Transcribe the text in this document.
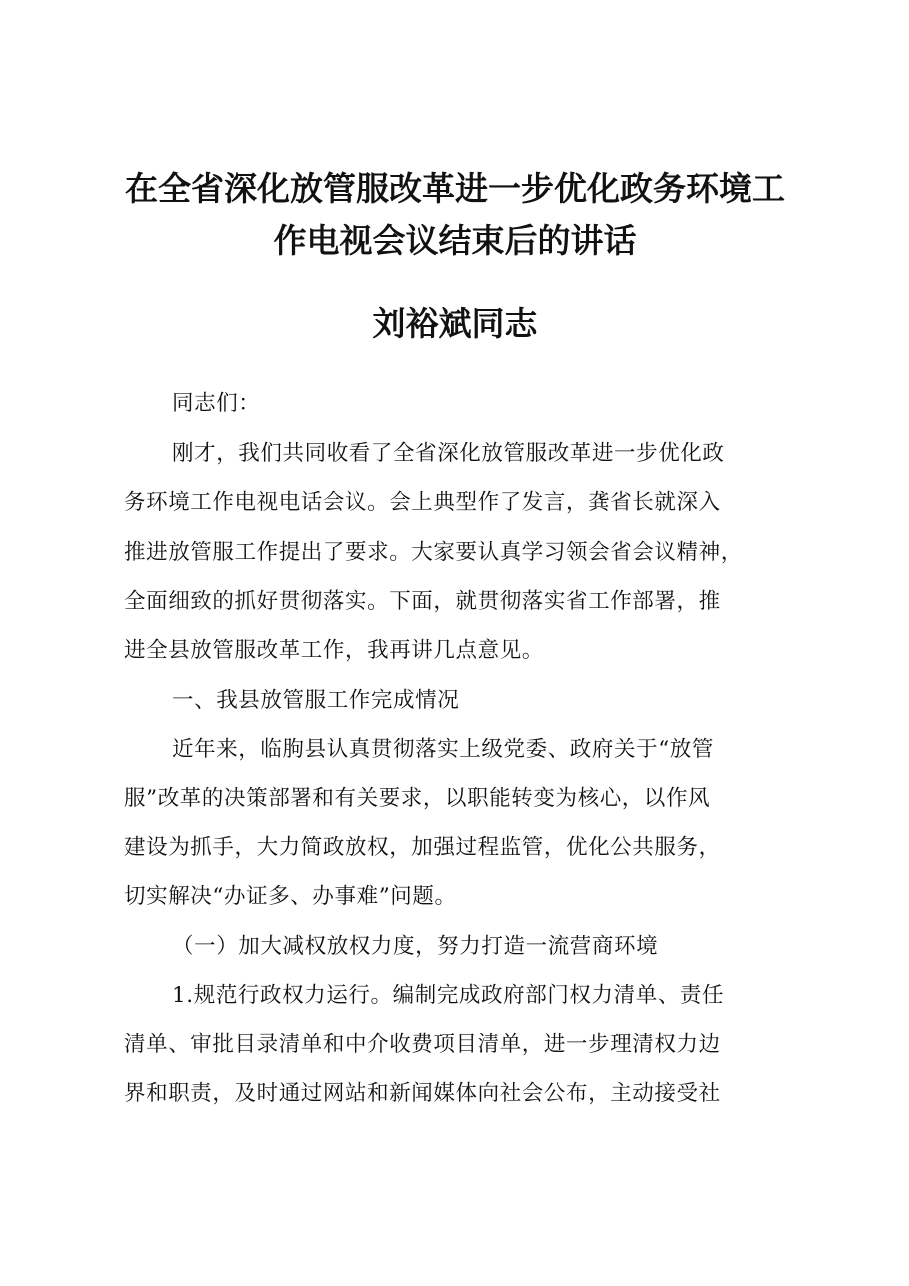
在全省深化放管服改革进一步优化政务环境工
作电视会议结束后的讲话
刘裕斌同志
同志们：
刚才，我们共同收看了全省深化放管服改革进一步优化政
务环境工作电视电话会议。会上典型作了发言，龚省长就深入
推进放管服工作提出了要求。大家要认真学习领会省会议精神，
全面细致的抓好贯彻落实。下面，就贯彻落实省工作部署，推
进全县放管服改革工作，我再讲几点意见。
一、我县放管服工作完成情况
近年来，临朐县认真贯彻落实上级党委、政府关于“放管
服”改革的决策部署和有关要求，以职能转变为核心，以作风
建设为抓手，大力简政放权，加强过程监管，优化公共服务，
切实解决“办证多、办事难”问题。
（一）加大减权放权力度，努力打造一流营商环境
1.规范行政权力运行。编制完成政府部门权力清单、责任
清单、审批目录清单和中介收费项目清单，进一步理清权力边
界和职责，及时通过网站和新闻媒体向社会公布，主动接受社
